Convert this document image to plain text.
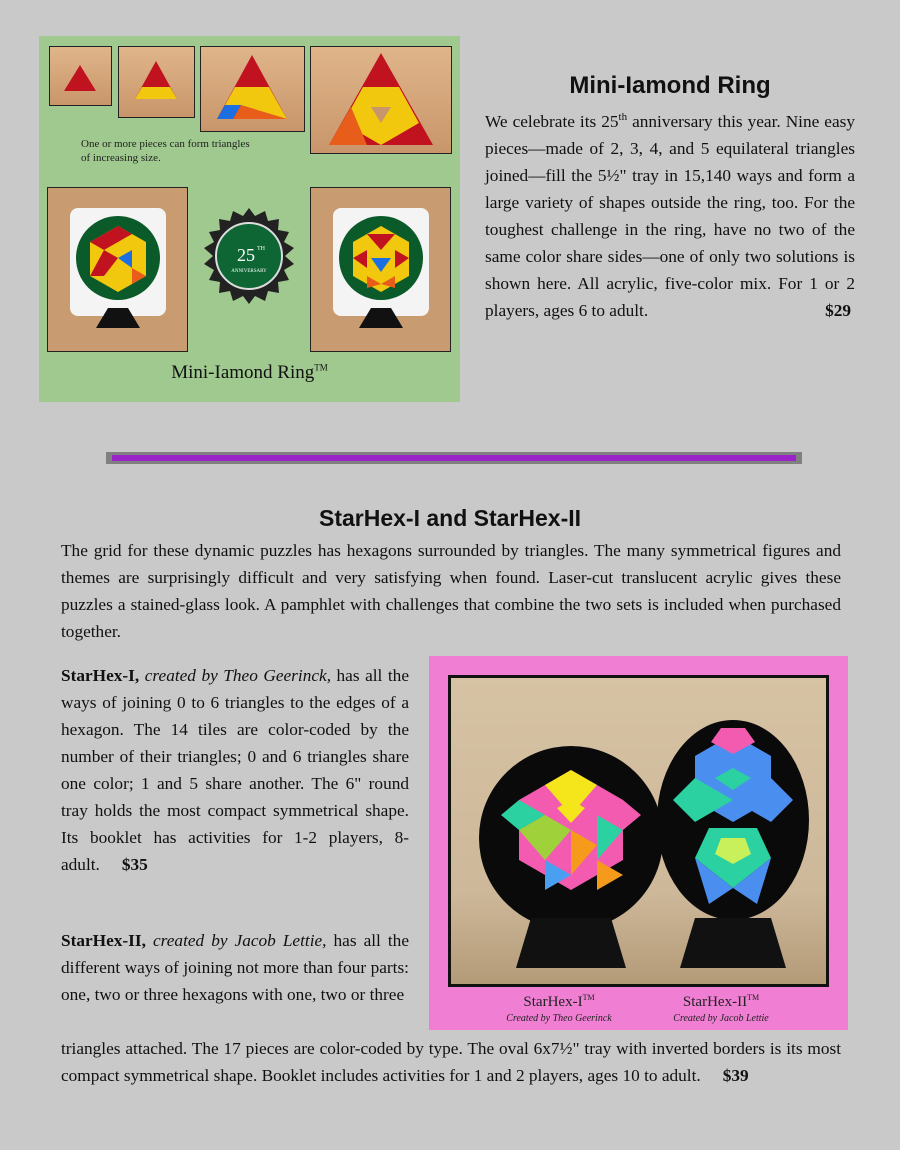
One or more pieces can form triangles of increasing size.
25 TH
ANNIVERSARY
Mini-Iamond Ring™
Mini-Iamond Ring

We celebrate its 25th anniversary this year. Nine easy pieces—made of 2, 3, 4, and 5 equilateral triangles joined—fill the 5½" tray in 15,140 ways and form a large variety of shapes outside the ring, too. For the toughest challenge in the ring, have no two of the same color share sides—one of only two solutions is shown here. All acrylic, five-color mix. For 1 or 2 players, ages 6 to adult.	$29

StarHex-I and StarHex-II

The grid for these dynamic puzzles has hexagons surrounded by triangles. The many symmetrical figures and themes are surprisingly difficult and very satisfying when found. Laser-cut translucent acrylic gives these puzzles a stained-glass look. A pamphlet with challenges that combine the two sets is included when purchased together.

StarHex-I, created by Theo Geerinck, has all the ways of joining 0 to 6 triangles to the edges of a hexagon. The 14 tiles are color-coded by the number of their triangles; 0 and 6 triangles share one color; 1 and 5 share another. The 6" round tray holds the most compact symmetrical shape. Its booklet has activities for 1-2 players, 8-adult. $35

StarHex-II, created by Jacob Lettie, has all the different ways of joining not more than four parts: one, two or three hexagons with one, two or three

triangles attached. The 17 pieces are color-coded by type. The oval 6x7½" tray with inverted borders is its most compact symmetrical shape. Booklet includes activities for 1 and 2 players, ages 10 to adult. $39

StarHex-I™
Created by Theo Geerinck
StarHex-II™
Created by Jacob Lettie
